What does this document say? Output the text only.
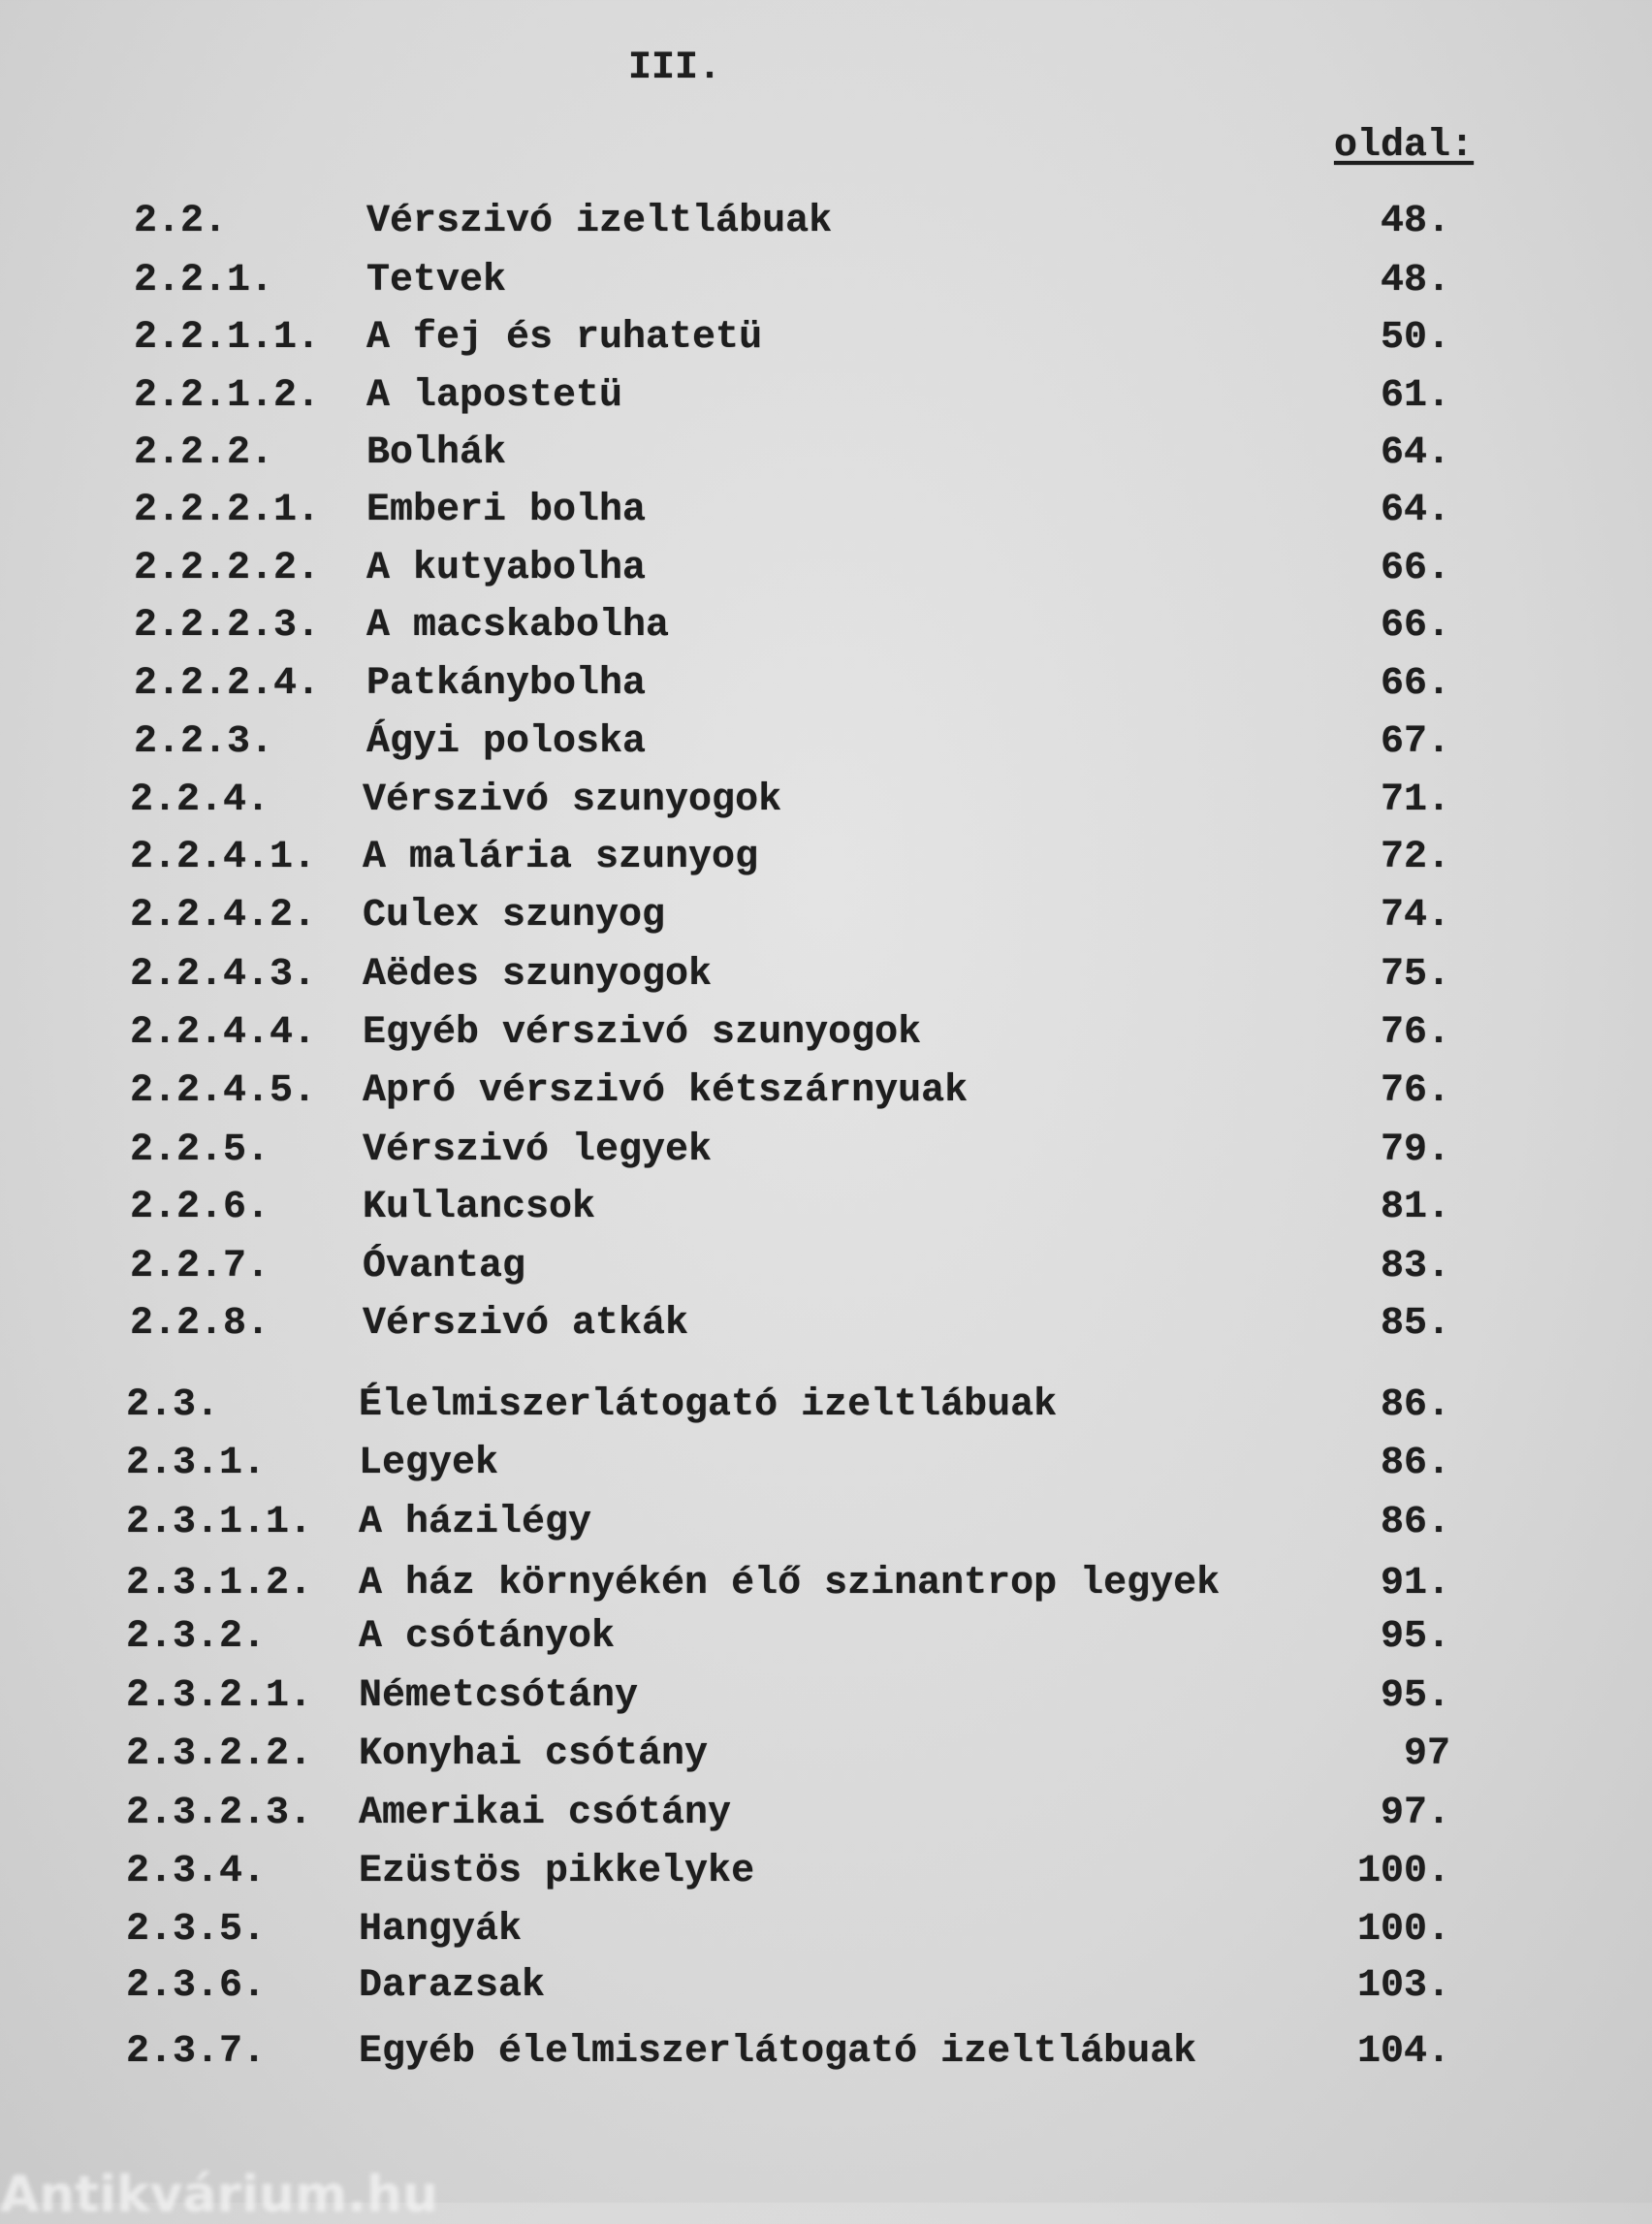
III.
oldal:
2.2.	Vérszivó izeltlábuak	48.
2.2.1. Tetvek	48.
2.2.1.1. A fej és ruhatetü	50.
2.2.1.2. A lapostetü	61.
2.2.2. Bolhák	64.
2.2.2.1. Emberi bolha	64.
2.2.2.2. A kutyabolha	66.
2.2.2.3. A macskabolha	66.
2.2.2.4. Patkánybolha	66.
2.2.3. Ágyi poloska	67.
2.2.4. Vérszivó szunyogok	71.
2.2.4.1. A malária szunyog	72.
2.2.4.2. Culex szunyog	74.
2.2.4.3. Aëdes szunyogok	75.
2.2.4.4. Egyéb vérszivó szunyogok	76.
2.2.4.5. Apró vérszivó kétszárnyuak	76.
2.2.5. Vérszivó legyek	79.
2.2.6. Kullancsok	81.
2.2.7. Óvantag	83.
2.2.8. Vérszivó atkák	85.
2.3.	Élelmiszerlátogató izeltlábuak	86.
2.3.1. Legyek	86.
2.3.1.1. A házilégy	86.
2.3.1.2. A ház környékén élő szinantrop legyek	91.
2.3.2. A csótányok	95.
2.3.2.1. Németcsótány	95.
2.3.2.2. Konyhai csótány	97
2.3.2.3. Amerikai csótány	97.
2.3.4. Ezüstös pikkelyke	100.
2.3.5. Hangyák	100.
2.3.6. Darazsak	103.
2.3.7. Egyéb élelmiszerlátogató izeltlábuak	104.
Antikvárium.hu
